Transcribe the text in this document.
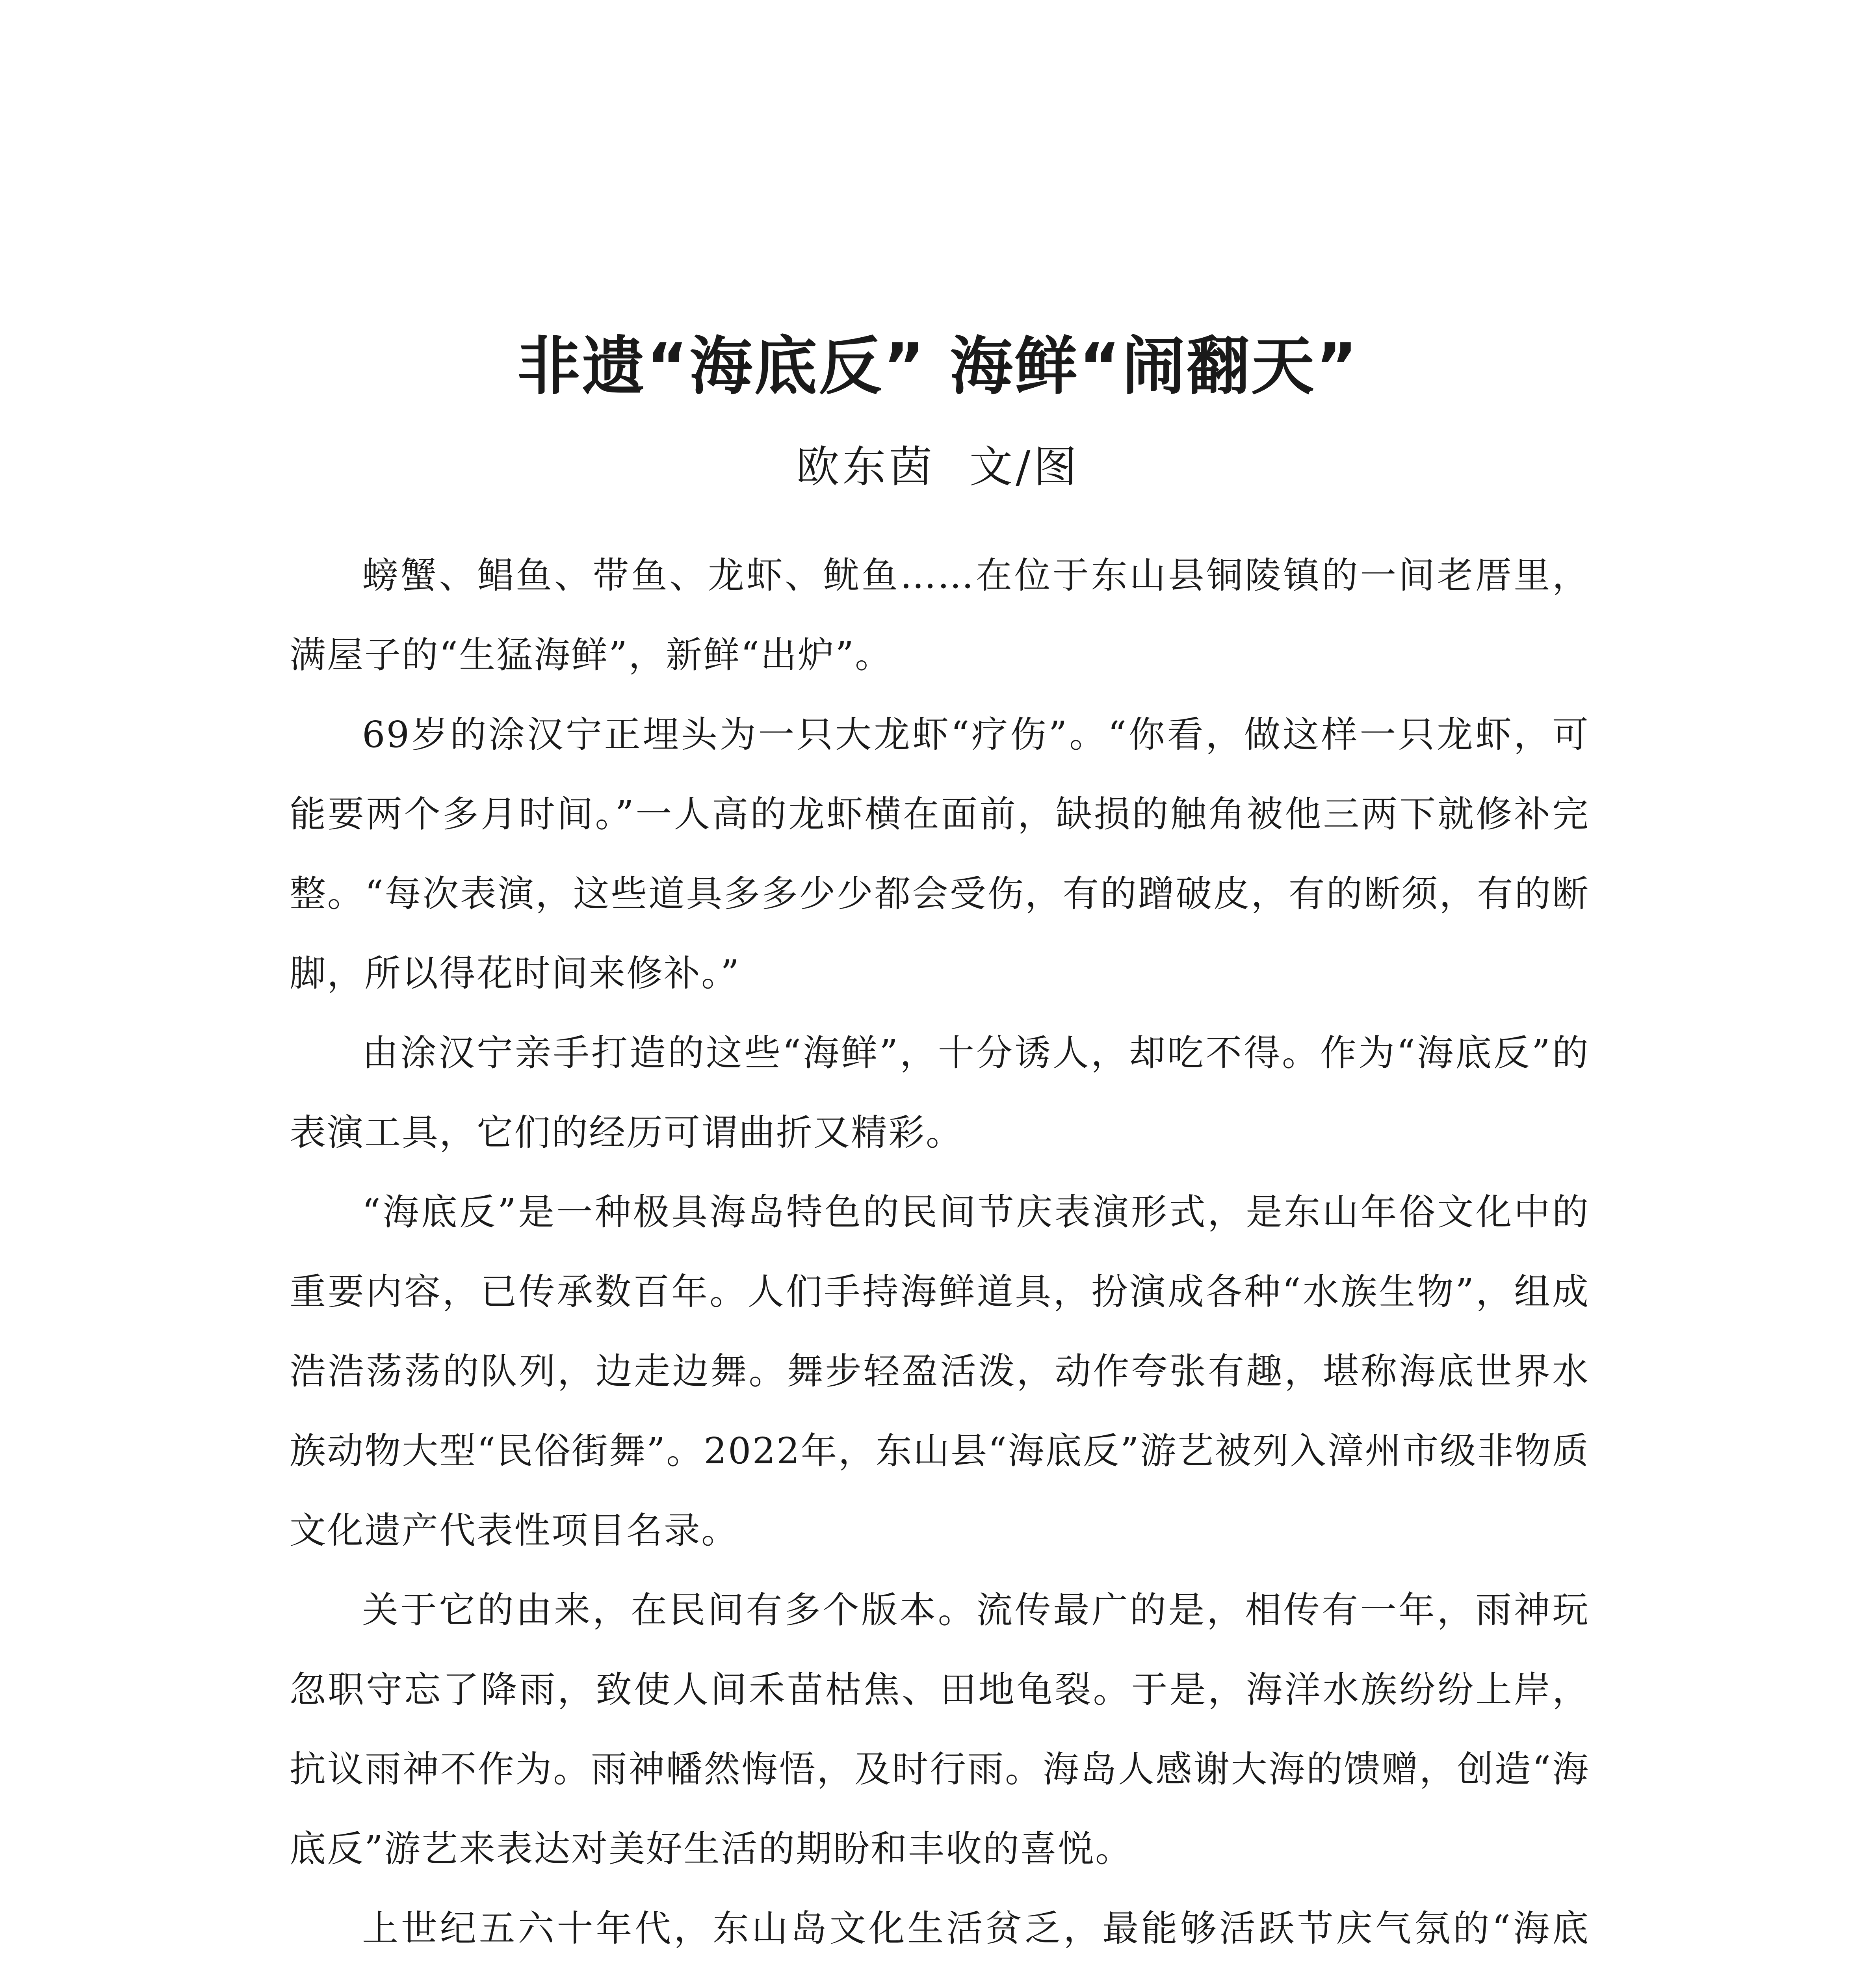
非遗“海底反” 海鲜“闹翻天”
欧东茵  文/图

螃蟹、鲳鱼、带鱼、龙虾、鱿鱼……在位于东山县铜陵镇的一间老厝里，满屋子的“生猛海鲜”，新鲜“出炉”。

69岁的涂汉宁正埋头为一只大龙虾“疗伤”。“你看，做这样一只龙虾，可能要两个多月时间。”一人高的龙虾横在面前，缺损的触角被他三两下就修补完整。“每次表演，这些道具多多少少都会受伤，有的蹭破皮，有的断须，有的断脚，所以得花时间来修补。”

由涂汉宁亲手打造的这些“海鲜”，十分诱人，却吃不得。作为“海底反”的表演工具，它们的经历可谓曲折又精彩。

“海底反”是一种极具海岛特色的民间节庆表演形式，是东山年俗文化中的重要内容，已传承数百年。人们手持海鲜道具，扮演成各种“水族生物”，组成浩浩荡荡的队列，边走边舞。舞步轻盈活泼，动作夸张有趣，堪称海底世界水族动物大型“民俗街舞”。2022年，东山县“海底反”游艺被列入漳州市级非物质文化遗产代表性项目名录。

关于它的由来，在民间有多个版本。流传最广的是，相传有一年，雨神玩忽职守忘了降雨，致使人间禾苗枯焦、田地龟裂。于是，海洋水族纷纷上岸，抗议雨神不作为。雨神幡然悔悟，及时行雨。海岛人感谢大海的馈赠，创造“海底反”游艺来表达对美好生活的期盼和丰收的喜悦。

上世纪五六十年代，东山岛文化生活贫乏，最能够活跃节庆气氛的“海底
